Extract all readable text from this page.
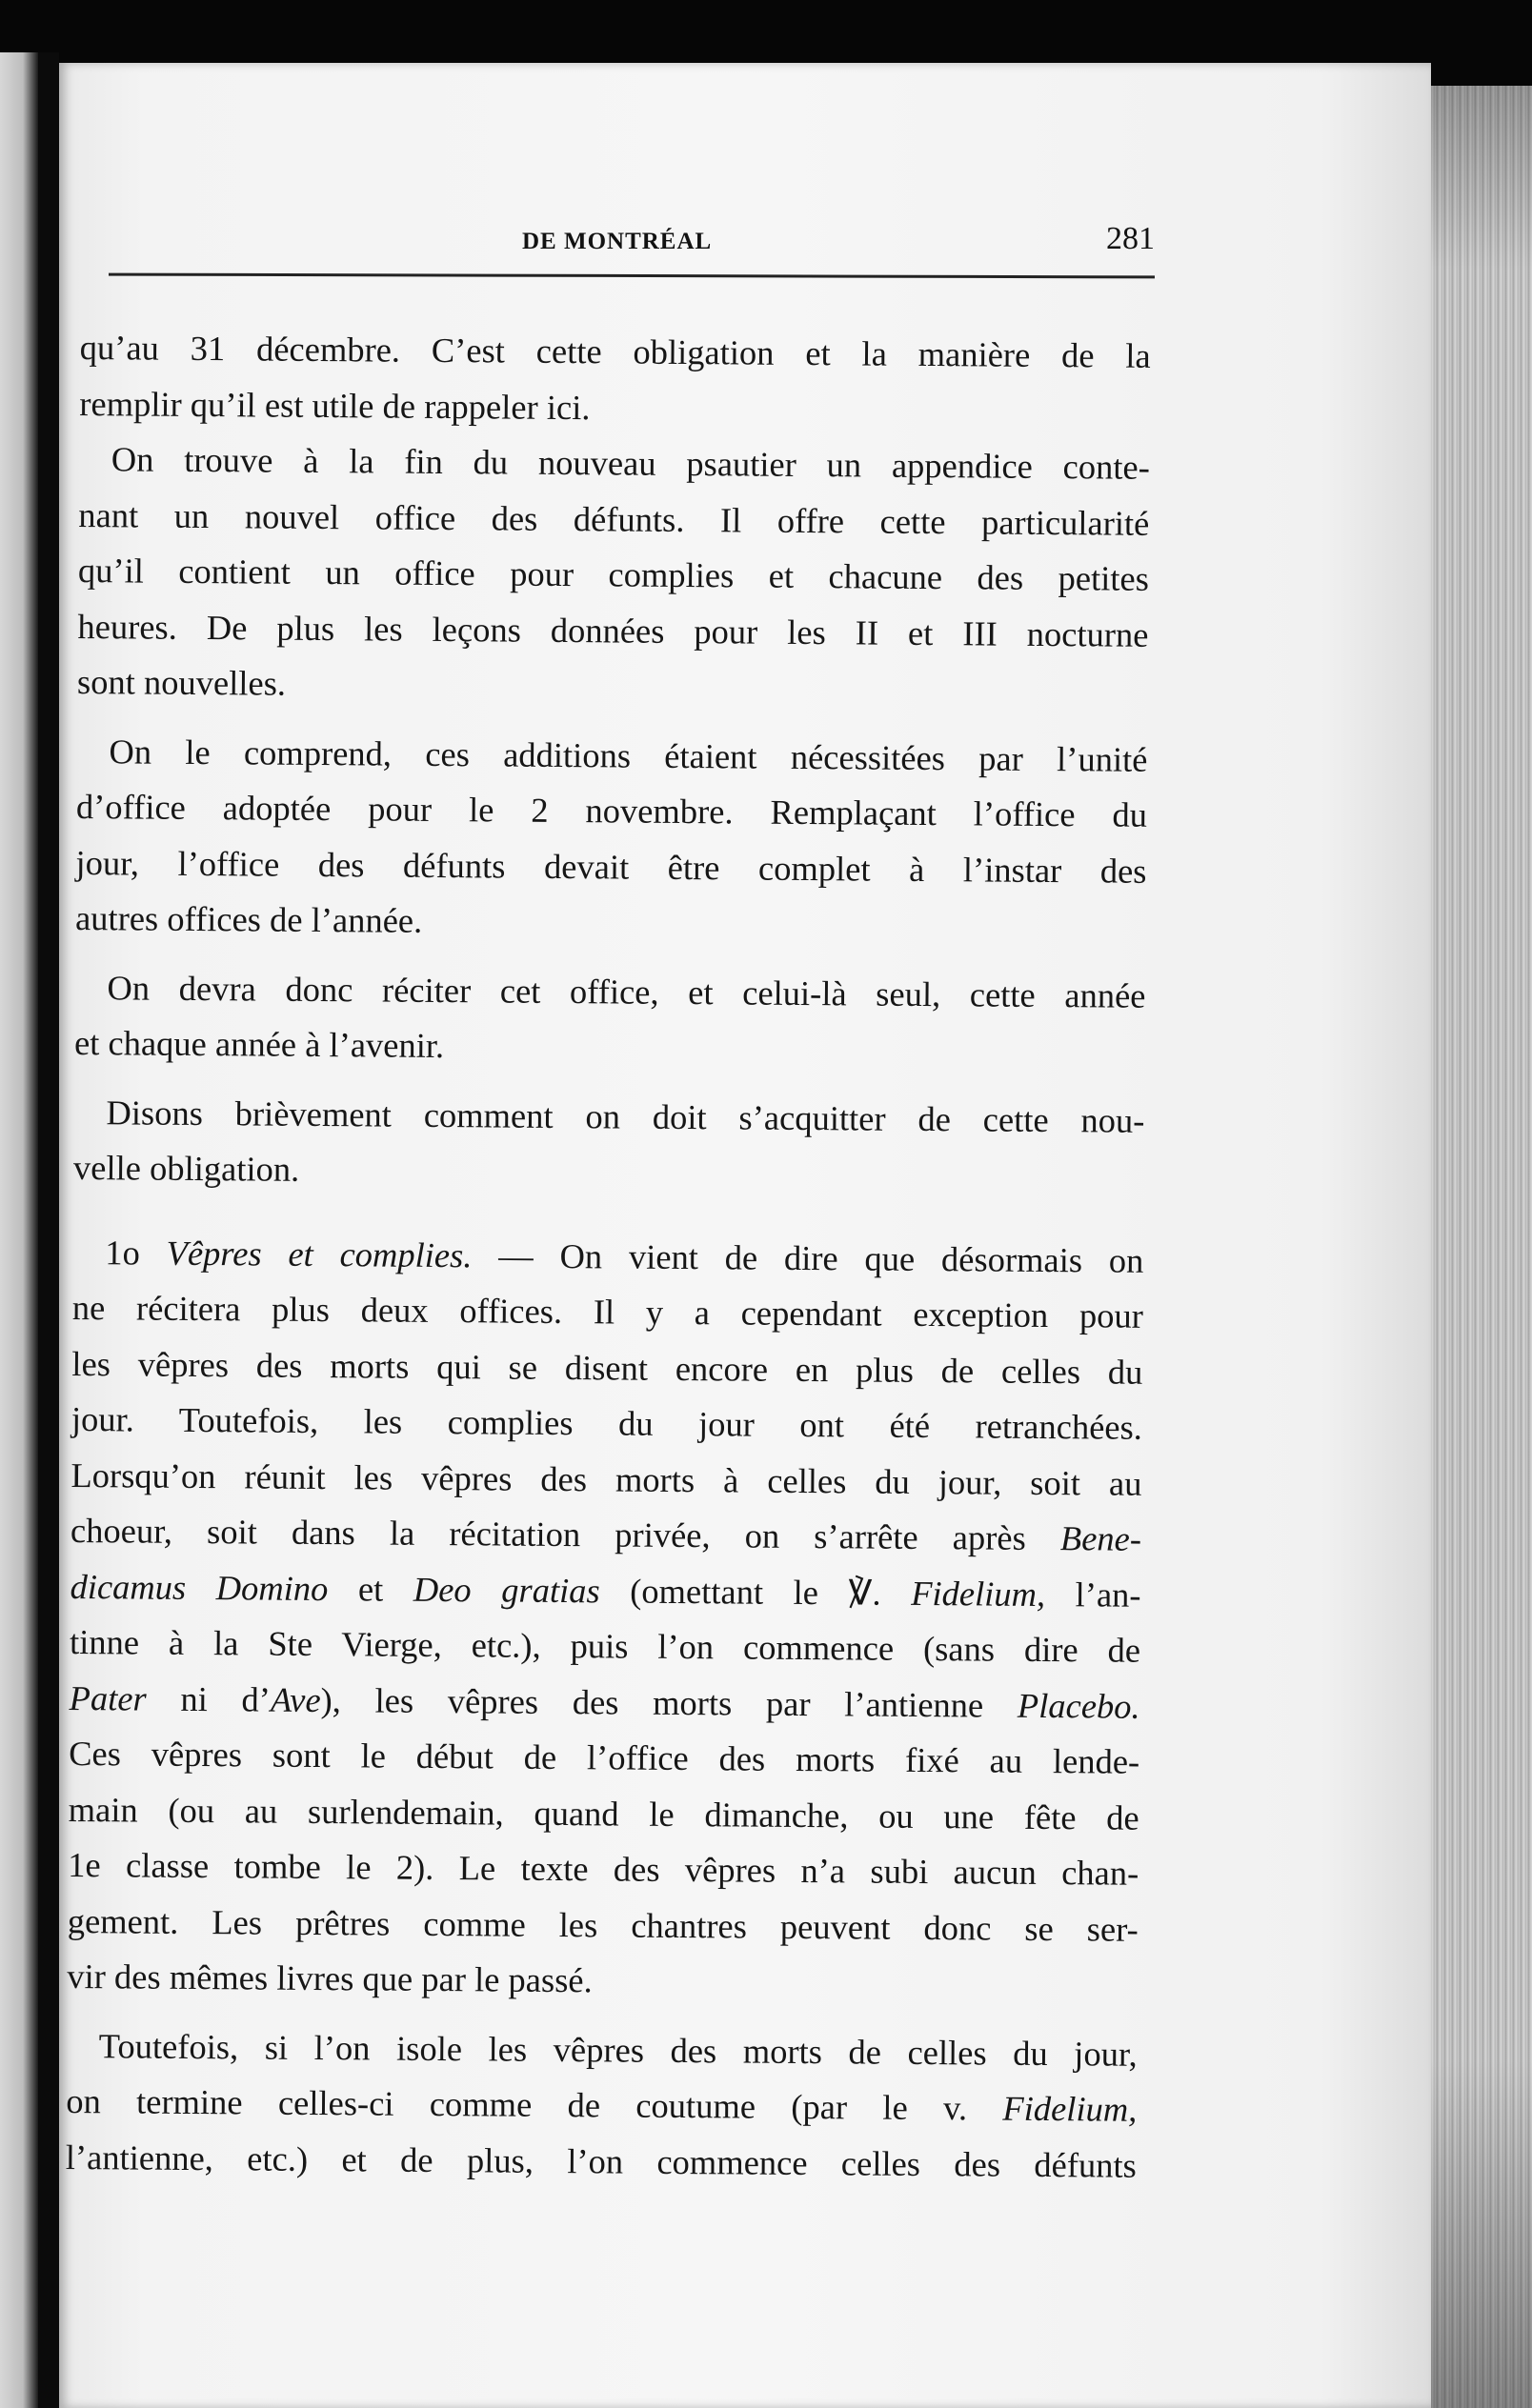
DE MONTRÉAL	281
qu’au 31 décembre. C’est cette obligation et la manière de la
remplir qu’il est utile de rappeler ici.
On trouve à la fin du nouveau psautier un appendice conte-
nant un nouvel office des défunts. Il offre cette particularité
qu’il contient un office pour complies et chacune des petites
heures. De plus les leçons données pour les II et III nocturne
sont nouvelles.
On le comprend, ces additions étaient nécessitées par l’unité
d’office adoptée pour le 2 novembre. Remplaçant l’office du
jour, l’office des défunts devait être complet à l’instar des
autres offices de l’année.
On devra donc réciter cet office, et celui-là seul, cette année
et chaque année à l’avenir.
Disons brièvement comment on doit s’acquitter de cette nou-
velle obligation.
1o Vêpres et complies. — On vient de dire que désormais on
ne récitera plus deux offices. Il y a cependant exception pour
les vêpres des morts qui se disent encore en plus de celles du
jour. Toutefois, les complies du jour ont été retranchées.
Lorsqu’on réunit les vêpres des morts à celles du jour, soit au
choeur, soit dans la récitation privée, on s’arrête après Bene-
dicamus Domino et Deo gratias (omettant le ℣. Fidelium, l’an-
tinne à la Ste Vierge, etc.), puis l’on commence (sans dire de
Pater ni d’Ave), les vêpres des morts par l’antienne Placebo.
Ces vêpres sont le début de l’office des morts fixé au lende-
main (ou au surlendemain, quand le dimanche, ou une fête de
1e classe tombe le 2). Le texte des vêpres n’a subi aucun chan-
gement. Les prêtres comme les chantres peuvent donc se ser-
vir des mêmes livres que par le passé.
Toutefois, si l’on isole les vêpres des morts de celles du jour,
on termine celles-ci comme de coutume (par le v. Fidelium,
l’antienne, etc.) et de plus, l’on commence celles des défunts
